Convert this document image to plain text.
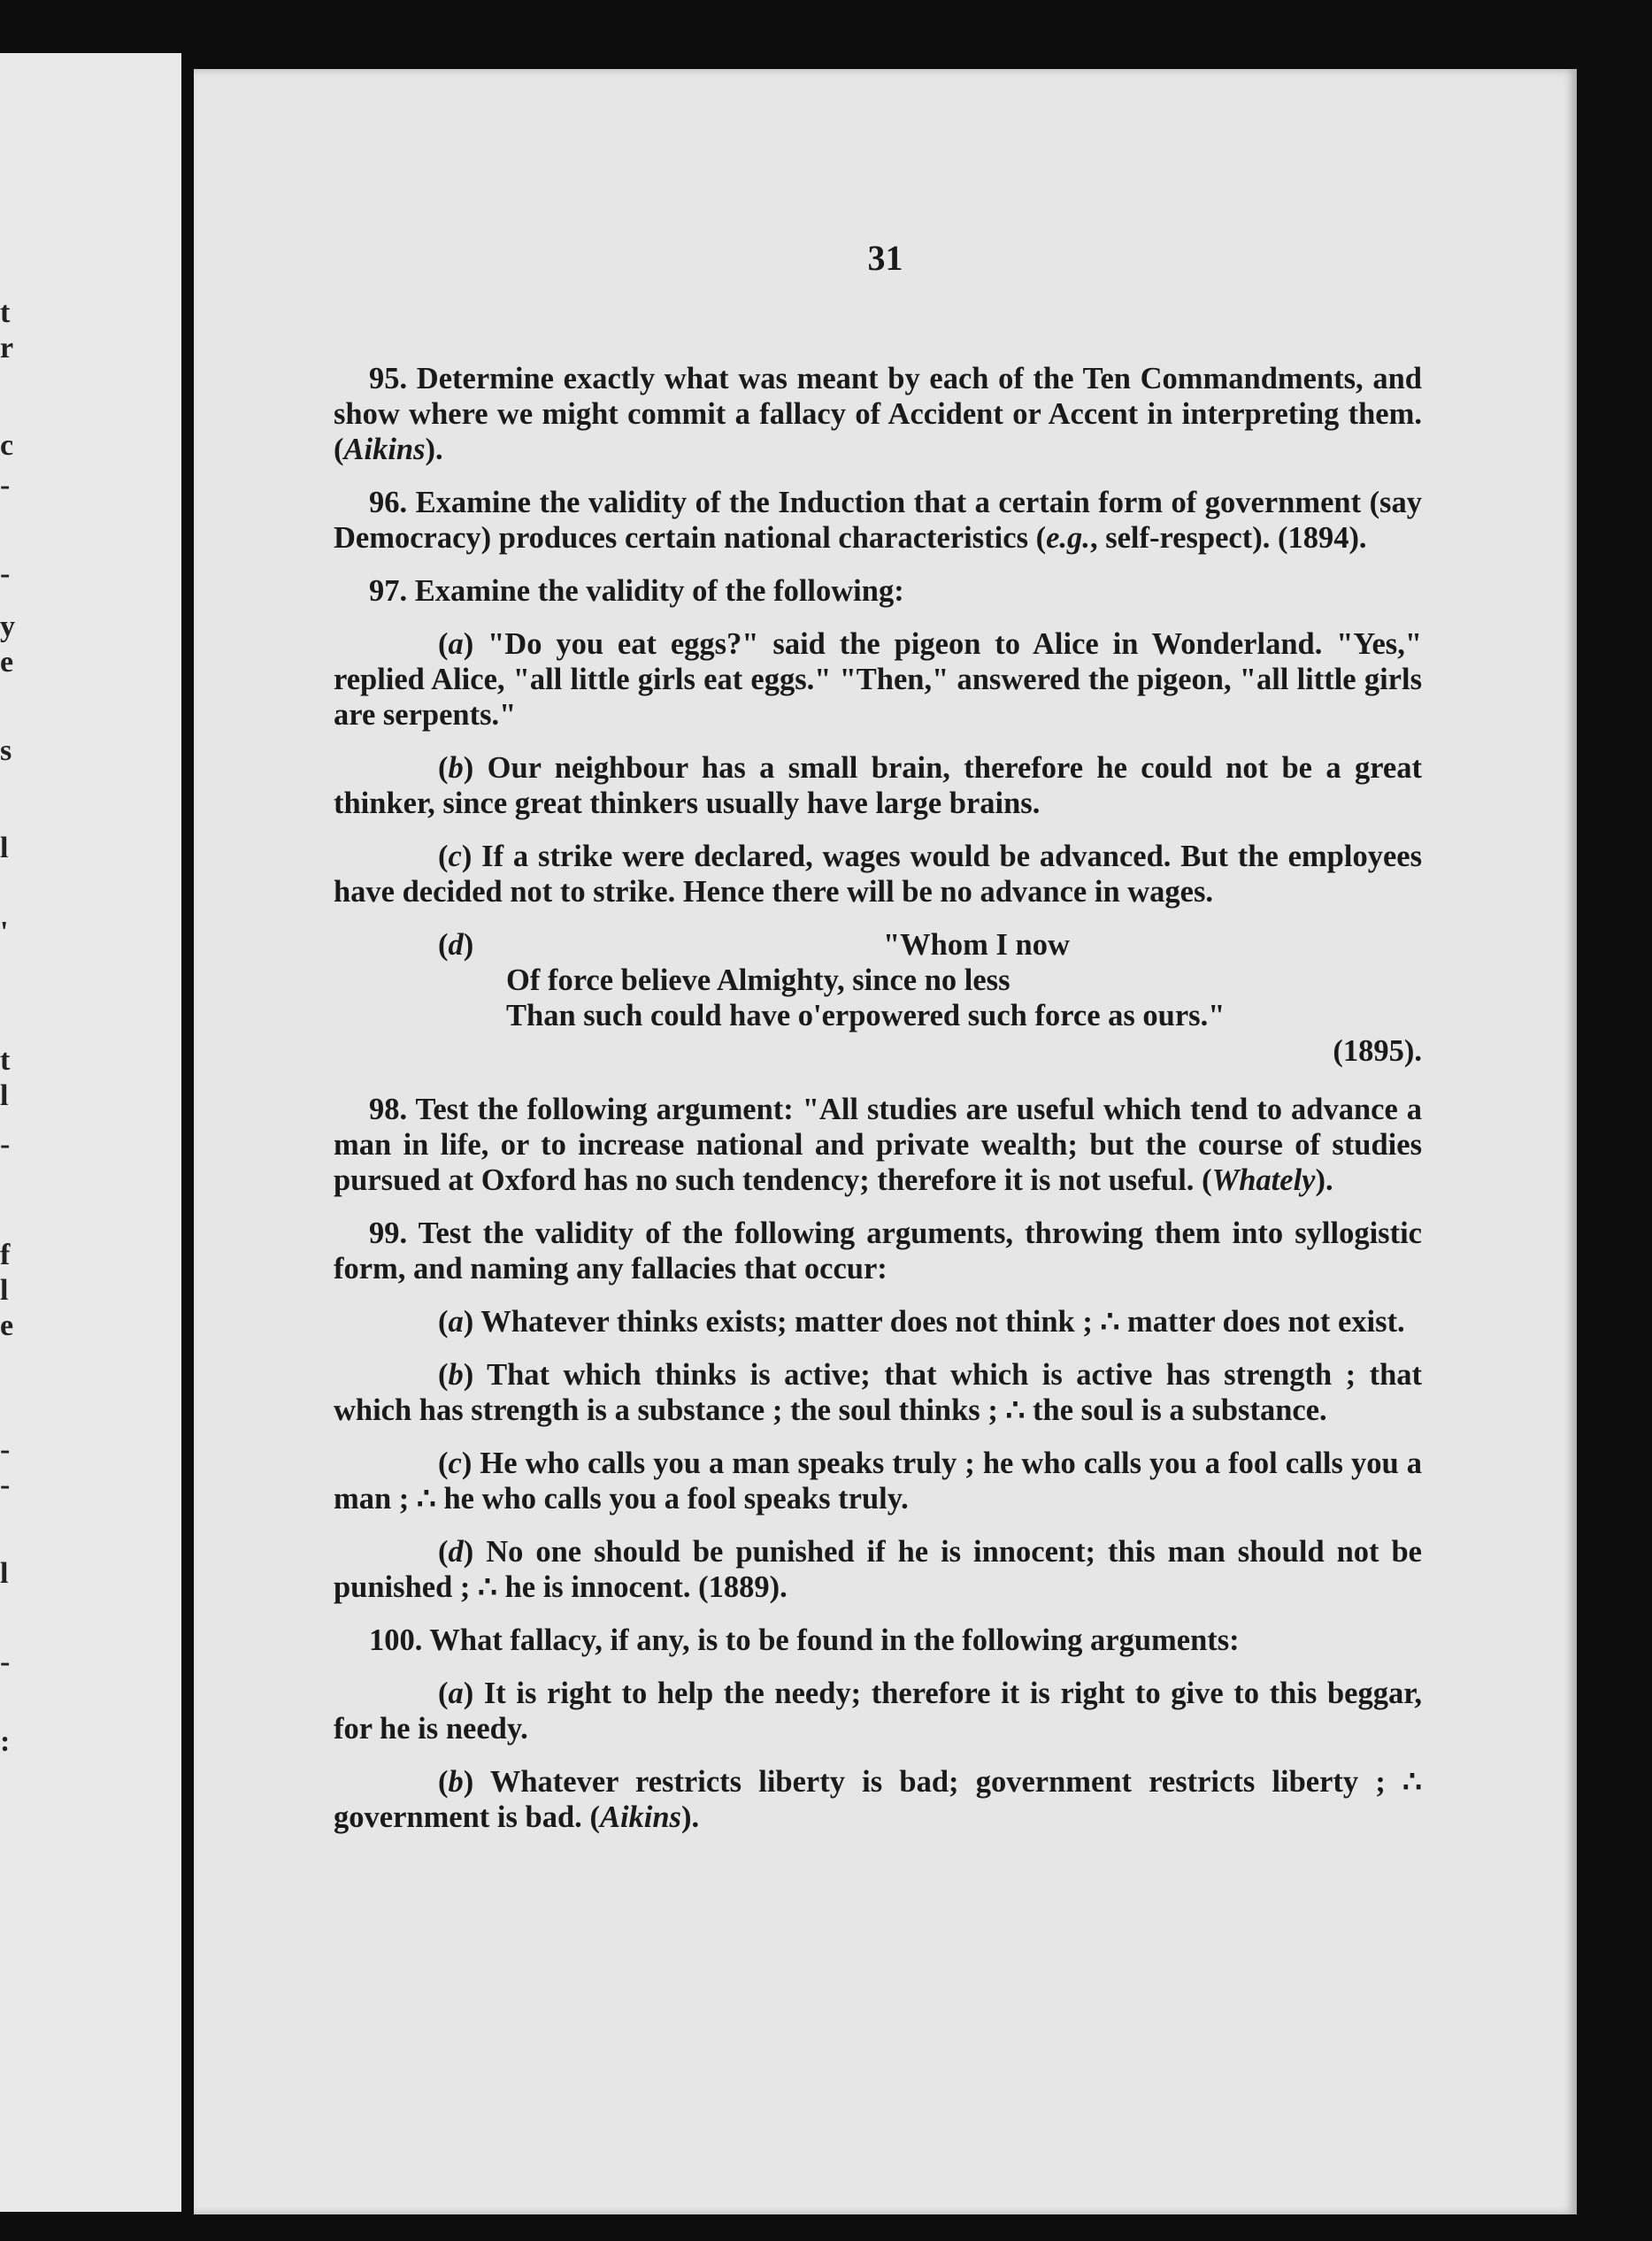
t
r
c
-
-
y
e
s
l
'
t
l
-
f
l
e
-
-
l
-
:
31

95. Determine exactly what was meant by each of the Ten Commandments, and show where we might commit a fallacy of Accident or Accent in interpreting them. (Aikins).

96. Examine the validity of the Induction that a certain form of government (say Democracy) produces certain national characteristics (e.g., self-respect). (1894).

97. Examine the validity of the following:

(a) "Do you eat eggs?" said the pigeon to Alice in Wonderland. "Yes," replied Alice, "all little girls eat eggs." "Then," answered the pigeon, "all little girls are serpents."

(b) Our neighbour has a small brain, therefore he could not be a great thinker, since great thinkers usually have large brains.

(c) If a strike were declared, wages would be advanced. But the employees have decided not to strike. Hence there will be no advance in wages.

(d)	"Whom I now
Of force believe Almighty, since no less
Than such could have o'erpowered such force as ours."
(1895).

98. Test the following argument: "All studies are useful which tend to advance a man in life, or to increase national and private wealth; but the course of studies pursued at Oxford has no such tendency; therefore it is not useful. (Whately).

99. Test the validity of the following arguments, throwing them into syllogistic form, and naming any fallacies that occur:

(a) Whatever thinks exists; matter does not think ; ∴ matter does not exist.

(b) That which thinks is active; that which is active has strength ; that which has strength is a substance ; the soul thinks ; ∴ the soul is a substance.

(c) He who calls you a man speaks truly ; he who calls you a fool calls you a man ; ∴ he who calls you a fool speaks truly.

(d) No one should be punished if he is innocent; this man should not be punished ; ∴ he is innocent. (1889).

100. What fallacy, if any, is to be found in the following arguments:

(a) It is right to help the needy; therefore it is right to give to this beggar, for he is needy.

(b) Whatever restricts liberty is bad; government restricts liberty ; ∴ government is bad. (Aikins).
